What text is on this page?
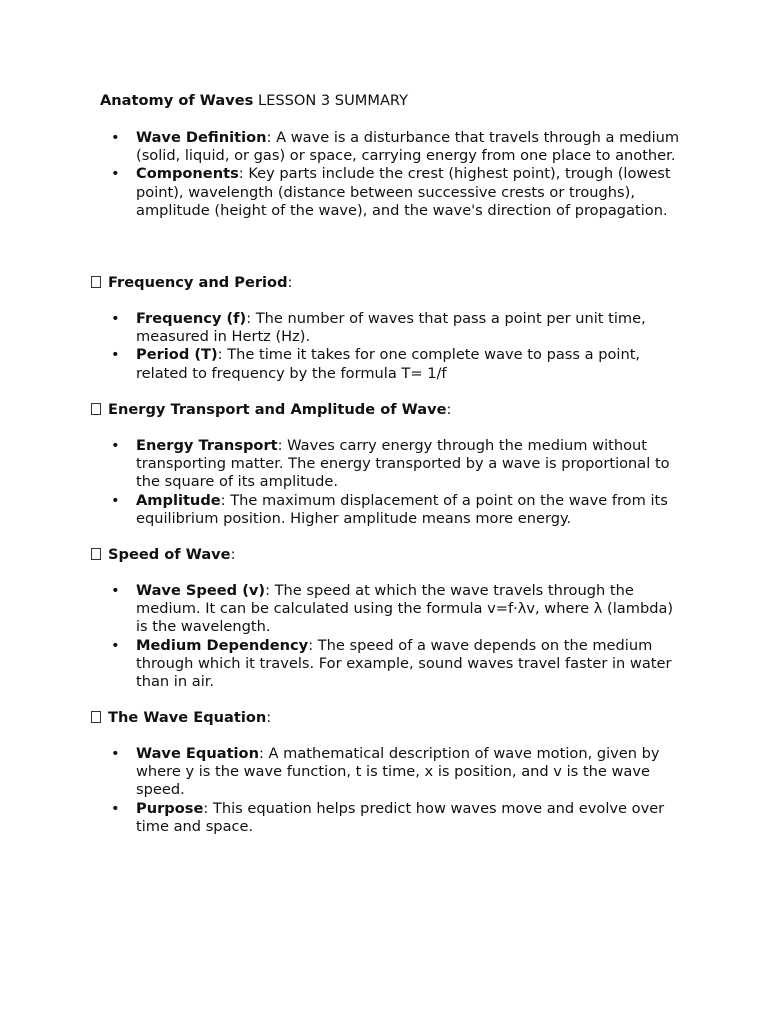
Anatomy of Waves LESSON 3 SUMMARY

• Wave Definition: A wave is a disturbance that travels through a medium (solid, liquid, or gas) or space, carrying energy from one place to another.
• Components: Key parts include the crest (highest point), trough (lowest point), wavelength (distance between successive crests or troughs), amplitude (height of the wave), and the wave's direction of propagation.

Frequency and Period:

• Frequency (f): The number of waves that pass a point per unit time, measured in Hertz (Hz).
• Period (T): The time it takes for one complete wave to pass a point, related to frequency by the formula T= 1/f

Energy Transport and Amplitude of Wave:

• Energy Transport: Waves carry energy through the medium without transporting matter. The energy transported by a wave is proportional to the square of its amplitude.
• Amplitude: The maximum displacement of a point on the wave from its equilibrium position. Higher amplitude means more energy.

Speed of Wave:

• Wave Speed (v): The speed at which the wave travels through the medium. It can be calculated using the formula v=f·λv, where λ (lambda) is the wavelength.
• Medium Dependency: The speed of a wave depends on the medium through which it travels. For example, sound waves travel faster in water than in air.

The Wave Equation:

• Wave Equation: A mathematical description of wave motion, given by where y is the wave function, t is time, x is position, and v is the wave speed.
• Purpose: This equation helps predict how waves move and evolve over time and space.
